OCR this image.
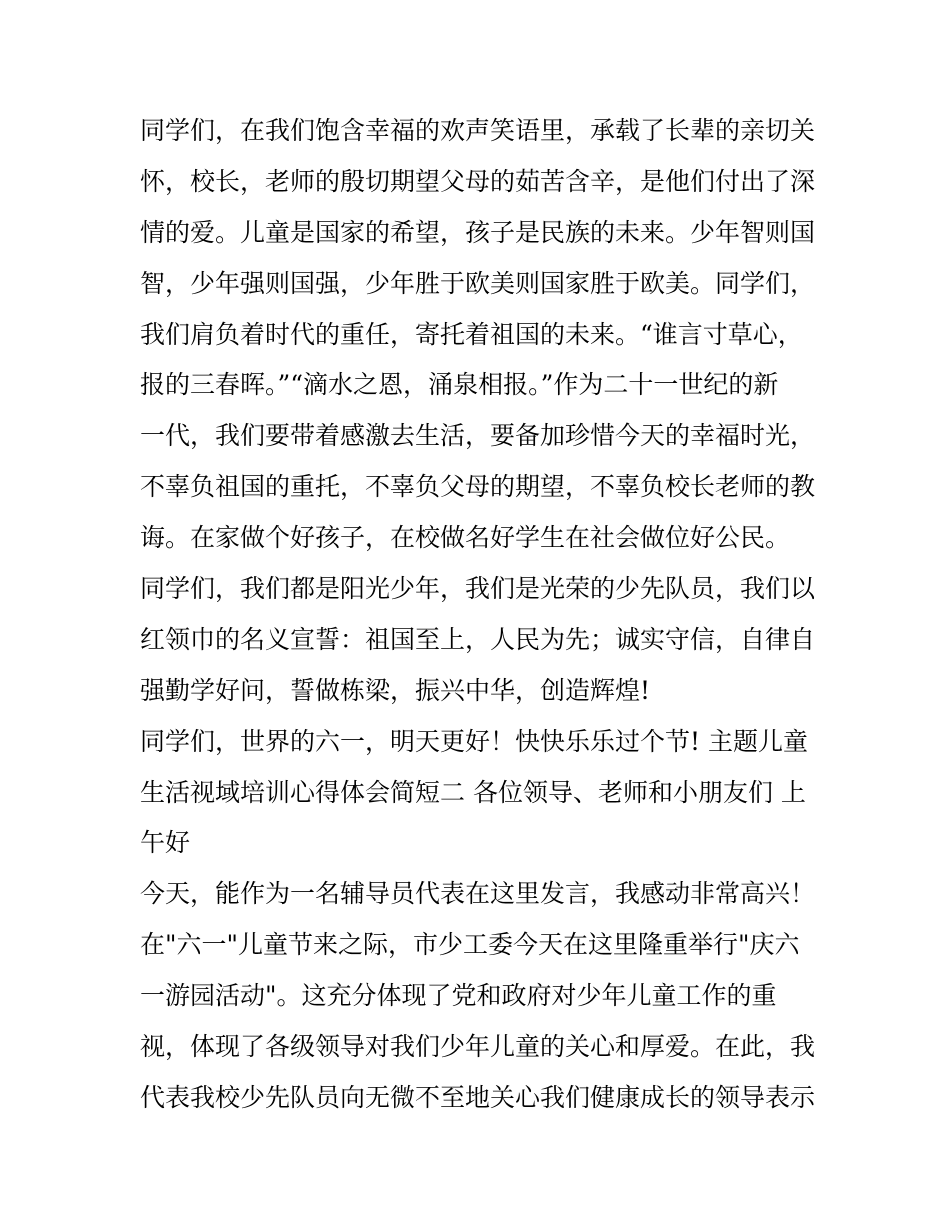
同学们，在我们饱含幸福的欢声笑语里，承载了长辈的亲切关

怀，校长，老师的殷切期望父母的茹苦含辛，是他们付出了深

情的爱。儿童是国家的希望，孩子是民族的未来。少年智则国

智，少年强则国强，少年胜于欧美则国家胜于欧美。同学们，

我们肩负着时代的重任，寄托着祖国的未来。“谁言寸草心，

报的三春晖。”“滴水之恩，涌泉相报。”作为二十一世纪的新

一代，我们要带着感激去生活，要备加珍惜今天的幸福时光，

不辜负祖国的重托，不辜负父母的期望，不辜负校长老师的教

诲。在家做个好孩子，在校做名好学生在社会做位好公民。

同学们，我们都是阳光少年，我们是光荣的少先队员，我们以

红领巾的名义宣誓：祖国至上，人民为先；诚实守信，自律自

强勤学好问，誓做栋梁，振兴中华，创造辉煌!

同学们，世界的六一，明天更好！快快乐乐过个节! 主题儿童

生活视域培训心得体会简短二 各位领导、老师和小朋友们 上

午好

今天，能作为一名辅导员代表在这里发言，我感动非常高兴！

在"六一"儿童节来之际，市少工委今天在这里隆重举行"庆六

一游园活动"。这充分体现了党和政府对少年儿童工作的重

视，体现了各级领导对我们少年儿童的关心和厚爱。在此，我

代表我校少先队员向无微不至地关心我们健康成长的领导表示
